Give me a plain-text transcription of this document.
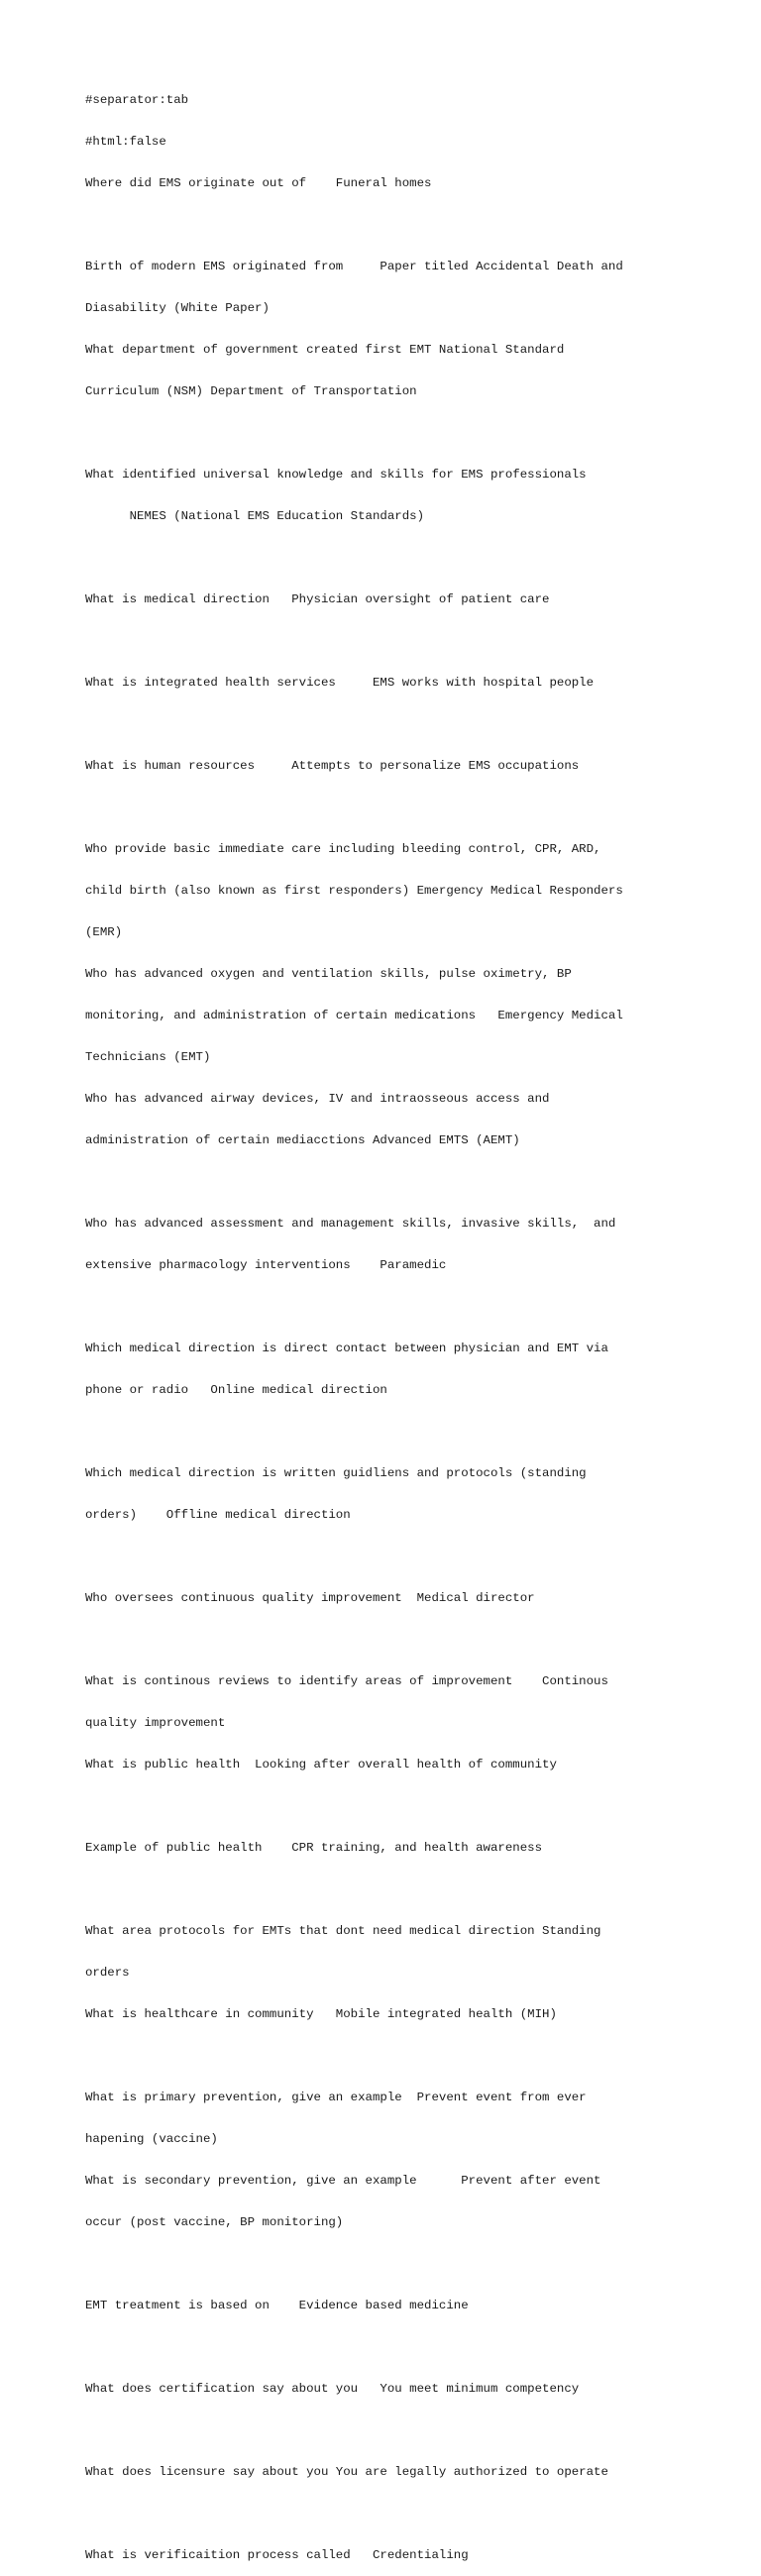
#separator:tab

#html:false

Where did EMS originate out of    Funeral homes

Birth of modern EMS originated from     Paper titled Accidental Death and

Diasability (White Paper)

What department of government created first EMT National Standard

Curriculum (NSM) Department of Transportation

What identified universal knowledge and skills for EMS professionals

NEMES (National EMS Education Standards)

What is medical direction   Physician oversight of patient care

What is integrated health services     EMS works with hospital people

What is human resources     Attempts to personalize EMS occupations

Who provide basic immediate care including bleeding control, CPR, ARD,

child birth (also known as first responders) Emergency Medical Responders

(EMR)

Who has advanced oxygen and ventilation skills, pulse oximetry, BP

monitoring, and administration of certain medications   Emergency Medical

Technicians (EMT)

Who has advanced airway devices, IV and intraosseous access and

administration of certain mediacctions Advanced EMTS (AEMT)

Who has advanced assessment and management skills, invasive skills,  and

extensive pharmacology interventions    Paramedic

Which medical direction is direct contact between physician and EMT via

phone or radio   Online medical direction

Which medical direction is written guidliens and protocols (standing

orders)    Offline medical direction

Who oversees continuous quality improvement  Medical director

What is continous reviews to identify areas of improvement    Continous

quality improvement

What is public health  Looking after overall health of community

Example of public health    CPR training, and health awareness

What area protocols for EMTs that dont need medical direction Standing

orders

What is healthcare in community   Mobile integrated health (MIH)

What is primary prevention, give an example  Prevent event from ever

hapening (vaccine)

What is secondary prevention, give an example      Prevent after event

occur (post vaccine, BP monitoring)

EMT treatment is based on    Evidence based medicine

What does certification say about you   You meet minimum competency

What does licensure say about you You are legally authorized to operate

What is verificaition process called   Credentialing
